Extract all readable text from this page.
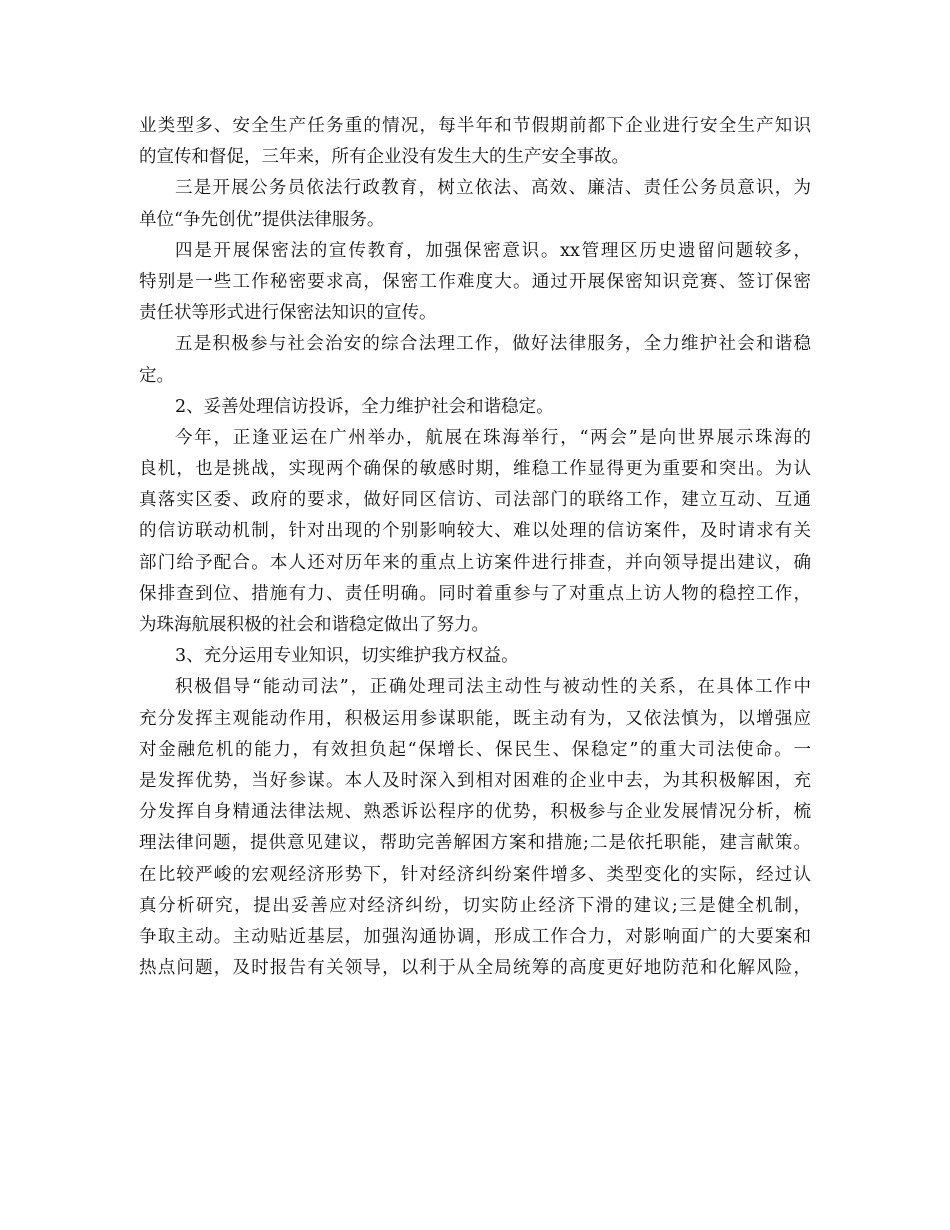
业类型多、安全生产任务重的情况，每半年和节假期前都下企业进行安全生产知识
的宣传和督促，三年来，所有企业没有发生大的生产安全事故。
三是开展公务员依法行政教育，树立依法、高效、廉洁、责任公务员意识，为
单位“争先创优”提供法律服务。
四是开展保密法的宣传教育，加强保密意识。xx管理区历史遗留问题较多，
特别是一些工作秘密要求高，保密工作难度大。通过开展保密知识竞赛、签订保密
责任状等形式进行保密法知识的宣传。
五是积极参与社会治安的综合法理工作，做好法律服务，全力维护社会和谐稳
定。
2、妥善处理信访投诉，全力维护社会和谐稳定。
今年，正逢亚运在广州举办，航展在珠海举行，“两会”是向世界展示珠海的
良机，也是挑战，实现两个确保的敏感时期，维稳工作显得更为重要和突出。为认
真落实区委、政府的要求，做好同区信访、司法部门的联络工作，建立互动、互通
的信访联动机制，针对出现的个别影响较大、难以处理的信访案件，及时请求有关
部门给予配合。本人还对历年来的重点上访案件进行排查，并向领导提出建议，确
保排查到位、措施有力、责任明确。同时着重参与了对重点上访人物的稳控工作，
为珠海航展积极的社会和谐稳定做出了努力。
3、充分运用专业知识，切实维护我方权益。
积极倡导“能动司法”，正确处理司法主动性与被动性的关系，在具体工作中
充分发挥主观能动作用，积极运用参谋职能，既主动有为，又依法慎为，以增强应
对金融危机的能力，有效担负起“保增长、保民生、保稳定”的重大司法使命。一
是发挥优势，当好参谋。本人及时深入到相对困难的企业中去，为其积极解困，充
分发挥自身精通法律法规、熟悉诉讼程序的优势，积极参与企业发展情况分析，梳
理法律问题，提供意见建议，帮助完善解困方案和措施;二是依托职能，建言献策。
在比较严峻的宏观经济形势下，针对经济纠纷案件增多、类型变化的实际，经过认
真分析研究，提出妥善应对经济纠纷，切实防止经济下滑的建议;三是健全机制，
争取主动。主动贴近基层，加强沟通协调，形成工作合力，对影响面广的大要案和
热点问题，及时报告有关领导，以利于从全局统筹的高度更好地防范和化解风险，
